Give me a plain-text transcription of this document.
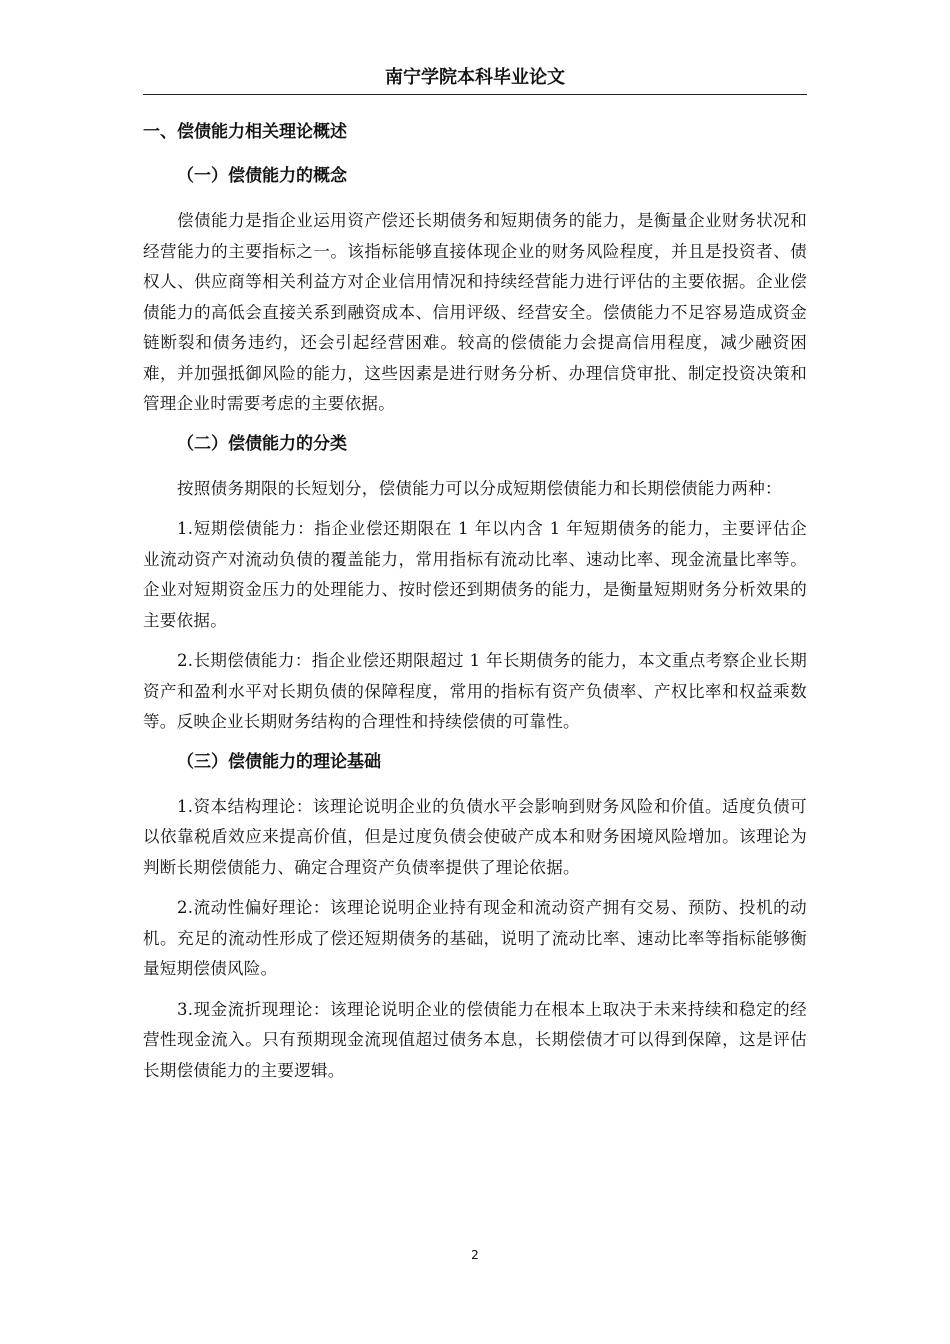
南宁学院本科毕业论文
一、偿债能力相关理论概述
（一）偿债能力的概念

偿债能力是指企业运用资产偿还长期债务和短期债务的能力，是衡量企业财务状况和经营能力的主要指标之一。该指标能够直接体现企业的财务风险程度，并且是投资者、债权人、供应商等相关利益方对企业信用情况和持续经营能力进行评估的主要依据。企业偿债能力的高低会直接关系到融资成本、信用评级、经营安全。偿债能力不足容易造成资金链断裂和债务违约，还会引起经营困难。较高的偿债能力会提高信用程度，减少融资困难，并加强抵御风险的能力，这些因素是进行财务分析、办理信贷审批、制定投资决策和管理企业时需要考虑的主要依据。

（二）偿债能力的分类

按照债务期限的长短划分，偿债能力可以分成短期偿债能力和长期偿债能力两种：

1.短期偿债能力：指企业偿还期限在 1 年以内含 1 年短期债务的能力，主要评估企业流动资产对流动负债的覆盖能力，常用指标有流动比率、速动比率、现金流量比率等。企业对短期资金压力的处理能力、按时偿还到期债务的能力，是衡量短期财务分析效果的主要依据。

2.长期偿债能力：指企业偿还期限超过 1 年长期债务的能力，本文重点考察企业长期资产和盈利水平对长期负债的保障程度，常用的指标有资产负债率、产权比率和权益乘数等。反映企业长期财务结构的合理性和持续偿债的可靠性。

（三）偿债能力的理论基础

1.资本结构理论：该理论说明企业的负债水平会影响到财务风险和价值。适度负债可以依靠税盾效应来提高价值，但是过度负债会使破产成本和财务困境风险增加。该理论为判断长期偿债能力、确定合理资产负债率提供了理论依据。

2.流动性偏好理论：该理论说明企业持有现金和流动资产拥有交易、预防、投机的动机。充足的流动性形成了偿还短期债务的基础，说明了流动比率、速动比率等指标能够衡量短期偿债风险。

3.现金流折现理论：该理论说明企业的偿债能力在根本上取决于未来持续和稳定的经营性现金流入。只有预期现金流现值超过债务本息，长期偿债才可以得到保障，这是评估长期偿债能力的主要逻辑。

2
